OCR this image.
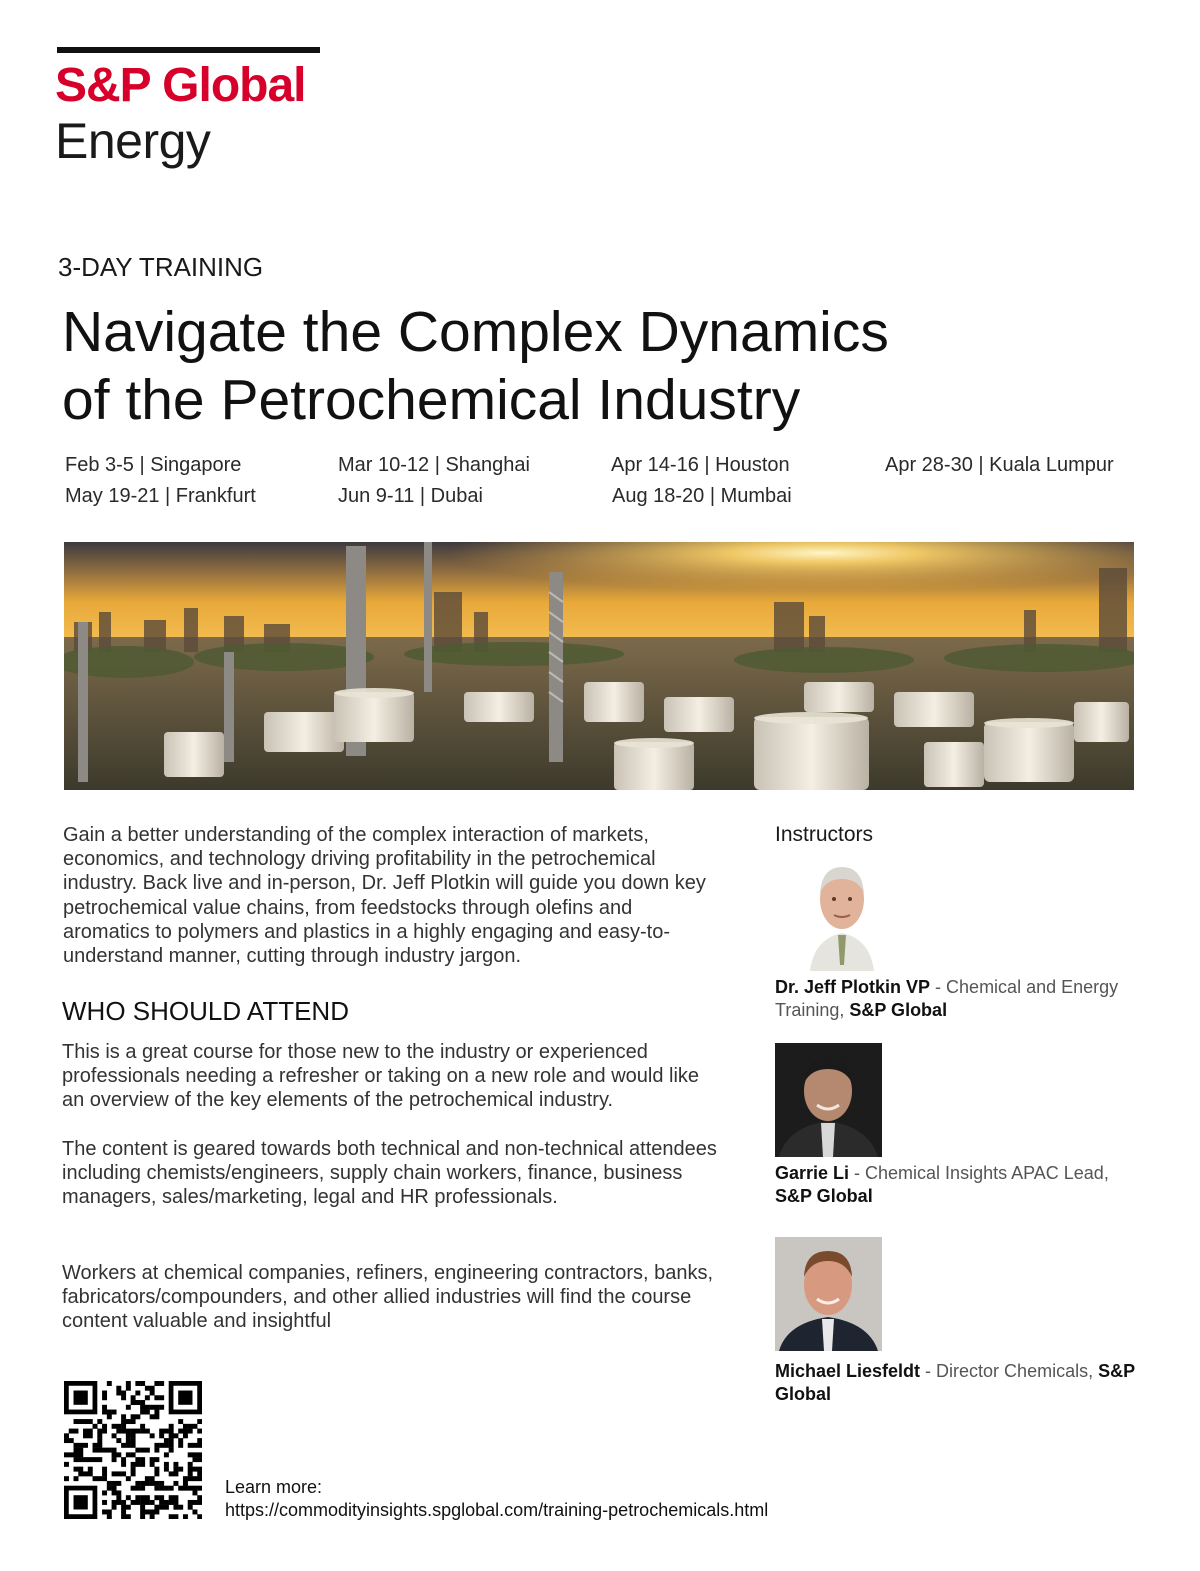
S&P Global
Energy
3-DAY TRAINING
Navigate the Complex Dynamics
of the Petrochemical Industry
Feb 3-5 | Singapore	Mar 10-12 | Shanghai	Apr 14-16 | Houston	Apr 28-30 | Kuala Lumpur
May 19-21 | Frankfurt	Jun 9-11 | Dubai	Aug 18-20 | Mumbai
Gain a better understanding of the complex interaction of markets, economics, and technology driving profitability in the petrochemical industry. Back live and in-person, Dr. Jeff Plotkin will guide you down key petrochemical value chains, from feedstocks through olefins and aromatics to polymers and plastics in a highly engaging and easy-to-understand manner, cutting through industry jargon.
WHO SHOULD ATTEND
This is a great course for those new to the industry or experienced professionals needing a refresher or taking on a new role and would like an overview of the key elements of the petrochemical industry.
The content is geared towards both technical and non-technical attendees including chemists/engineers, supply chain workers, finance, business managers, sales/marketing, legal and HR professionals.
Workers at chemical companies, refiners, engineering contractors, banks, fabricators/compounders, and other allied industries will find the course content valuable and insightful
Instructors
Dr. Jeff Plotkin VP - Chemical and Energy Training, S&P Global
Garrie Li - Chemical Insights APAC Lead, S&P Global
Michael Liesfeldt - Director Chemicals, S&P Global
Learn more:
https://commodityinsights.spglobal.com/training-petrochemicals.html
